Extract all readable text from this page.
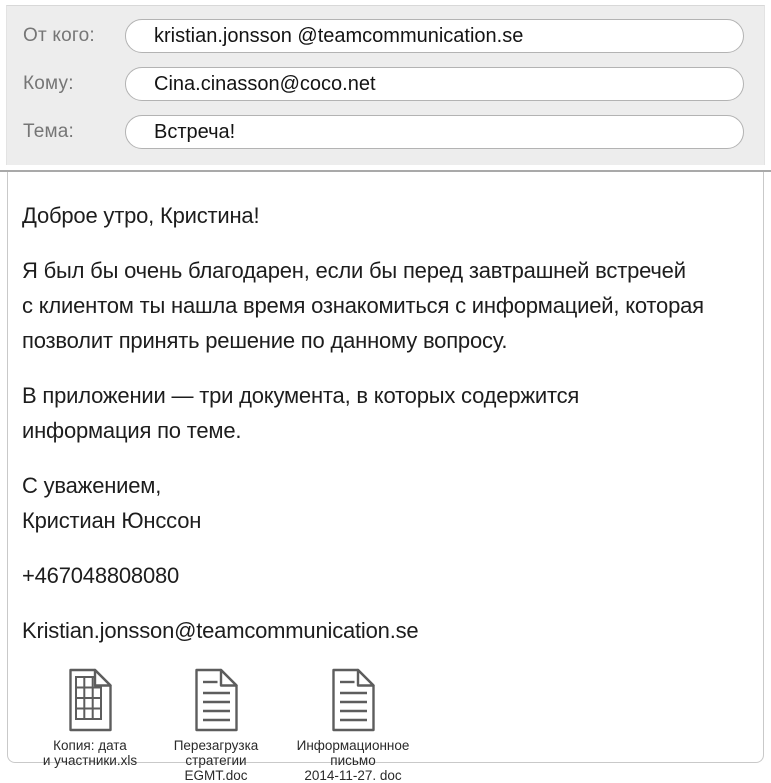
От кого:
kristian.jonsson @teamcommunication.se
Кому:
Cina.cinasson@coco.net
Тема:
Встреча!
Доброе утро, Кристина!
Я был бы очень благодарен, если бы перед завтрашней встречей
с клиентом ты нашла время ознакомиться с информацией, которая
позволит принять решение по данному вопросу.
В приложении — три документа, в которых содержится
информация по теме.
С уважением,
Кристиан Юнссон
+467048808080
Kristian.jonsson@teamcommunication.se
Копия: дата
и участники.xls
Перезагрузка
стратегии
EGMT.doc
Информационное
письмо
2014-11-27. doc
